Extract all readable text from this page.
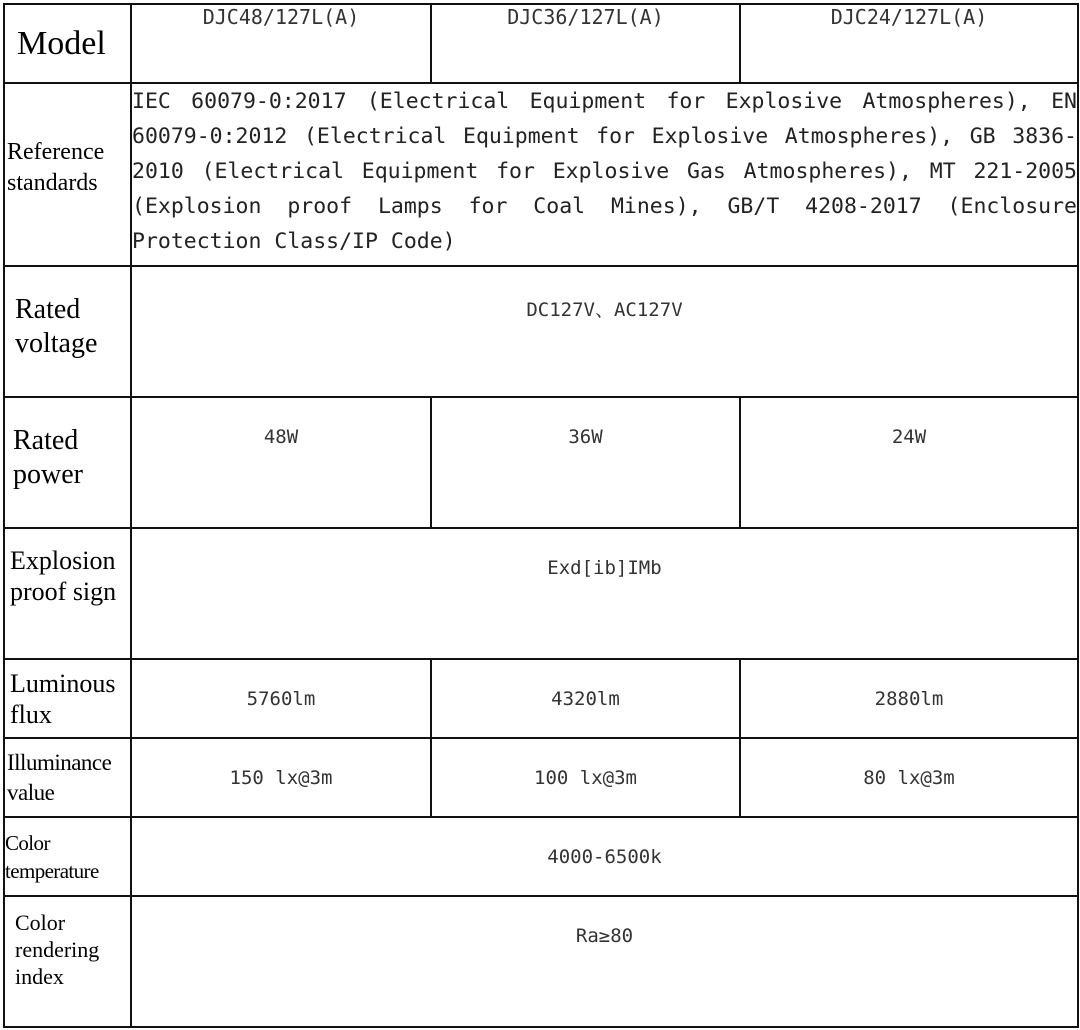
Model	DJC48/127L(A)	DJC36/127L(A)	DJC24/127L(A)

Reference standards	IEC 60079-0:2017 (Electrical Equipment for Explosive Atmospheres), EN 60079-0:2012 (Electrical Equipment for Explosive Atmospheres), GB 3836-2010 (Electrical Equipment for Explosive Gas Atmospheres), MT 221-2005 (Explosion proof Lamps for Coal Mines), GB/T 4208-2017 (Enclosure Protection Class/IP Code)		

Rated voltage	DC127V、AC127V		

Rated power	48W	36W	24W

Explosion proof sign	Exd[ib]IMb		

Luminous flux	5760lm	4320lm	2880lm

Illuminance value	150 lx@3m	100 lx@3m	80 lx@3m

Color temperature	4000-6500k		

Color rendering index	Ra≥80		
